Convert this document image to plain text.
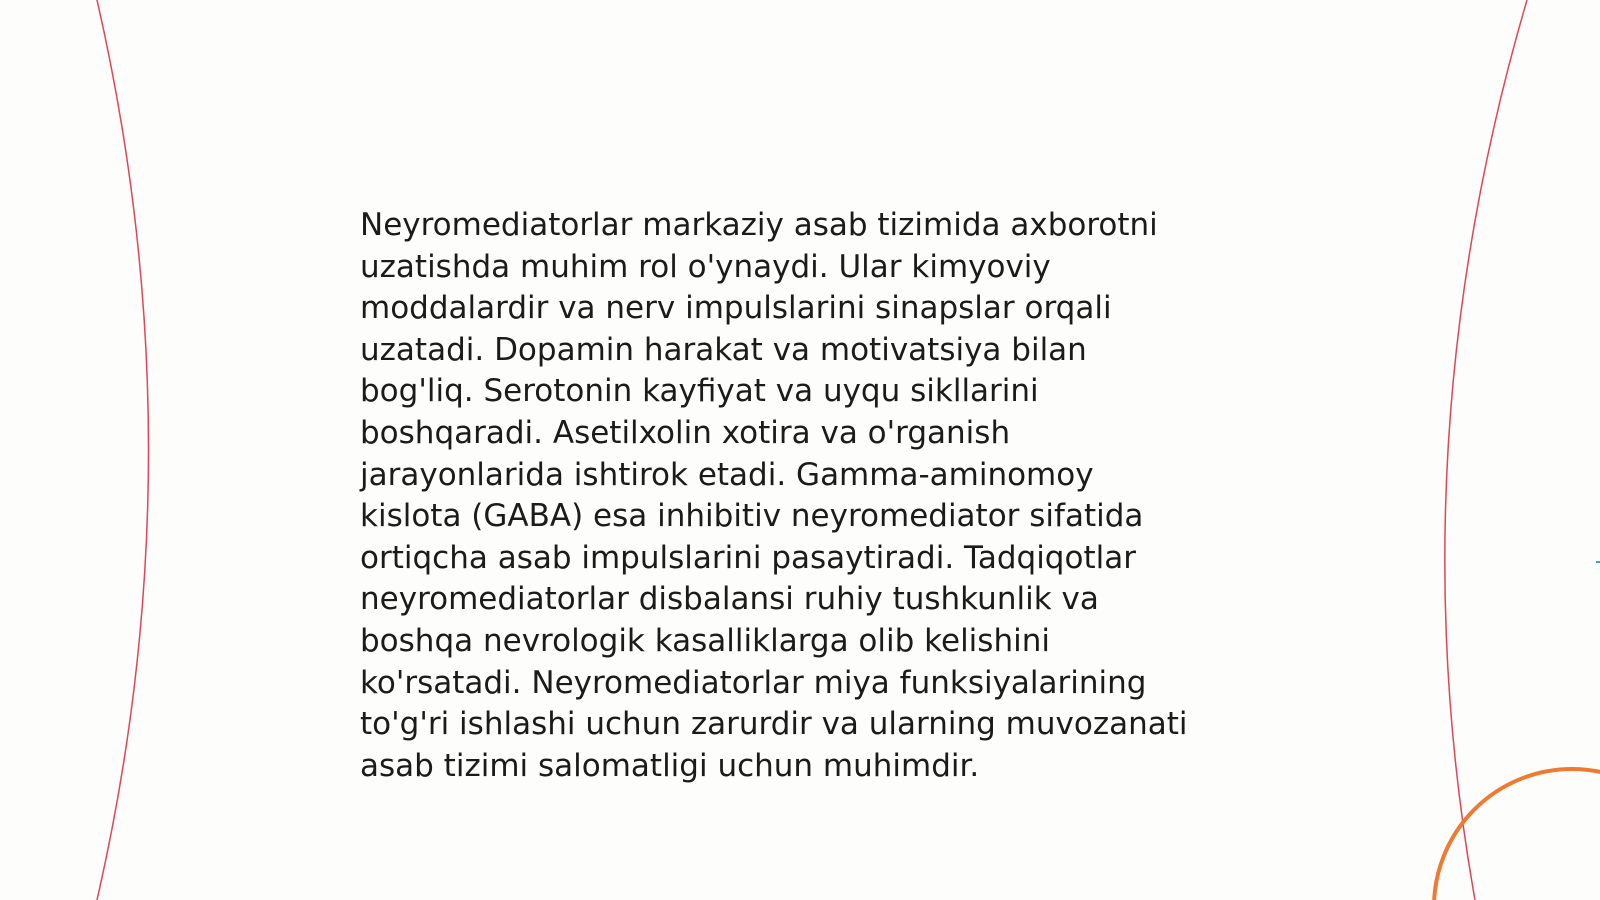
Neyromediatorlar markaziy asab tizimida axborotni
uzatishda muhim rol o'ynaydi. Ular kimyoviy
moddalardir va nerv impulslarini sinapslar orqali
uzatadi. Dopamin harakat va motivatsiya bilan
bog'liq. Serotonin kayfiyat va uyqu sikllarini
boshqaradi. Asetilxolin xotira va o'rganish
jarayonlarida ishtirok etadi. Gamma-aminomoy
kislota (GABA) esa inhibitiv neyromediator sifatida
ortiqcha asab impulslarini pasaytiradi. Tadqiqotlar
neyromediatorlar disbalansi ruhiy tushkunlik va
boshqa nevrologik kasalliklarga olib kelishini
ko'rsatadi. Neyromediatorlar miya funksiyalarining
to'g'ri ishlashi uchun zarurdir va ularning muvozanati
asab tizimi salomatligi uchun muhimdir.
